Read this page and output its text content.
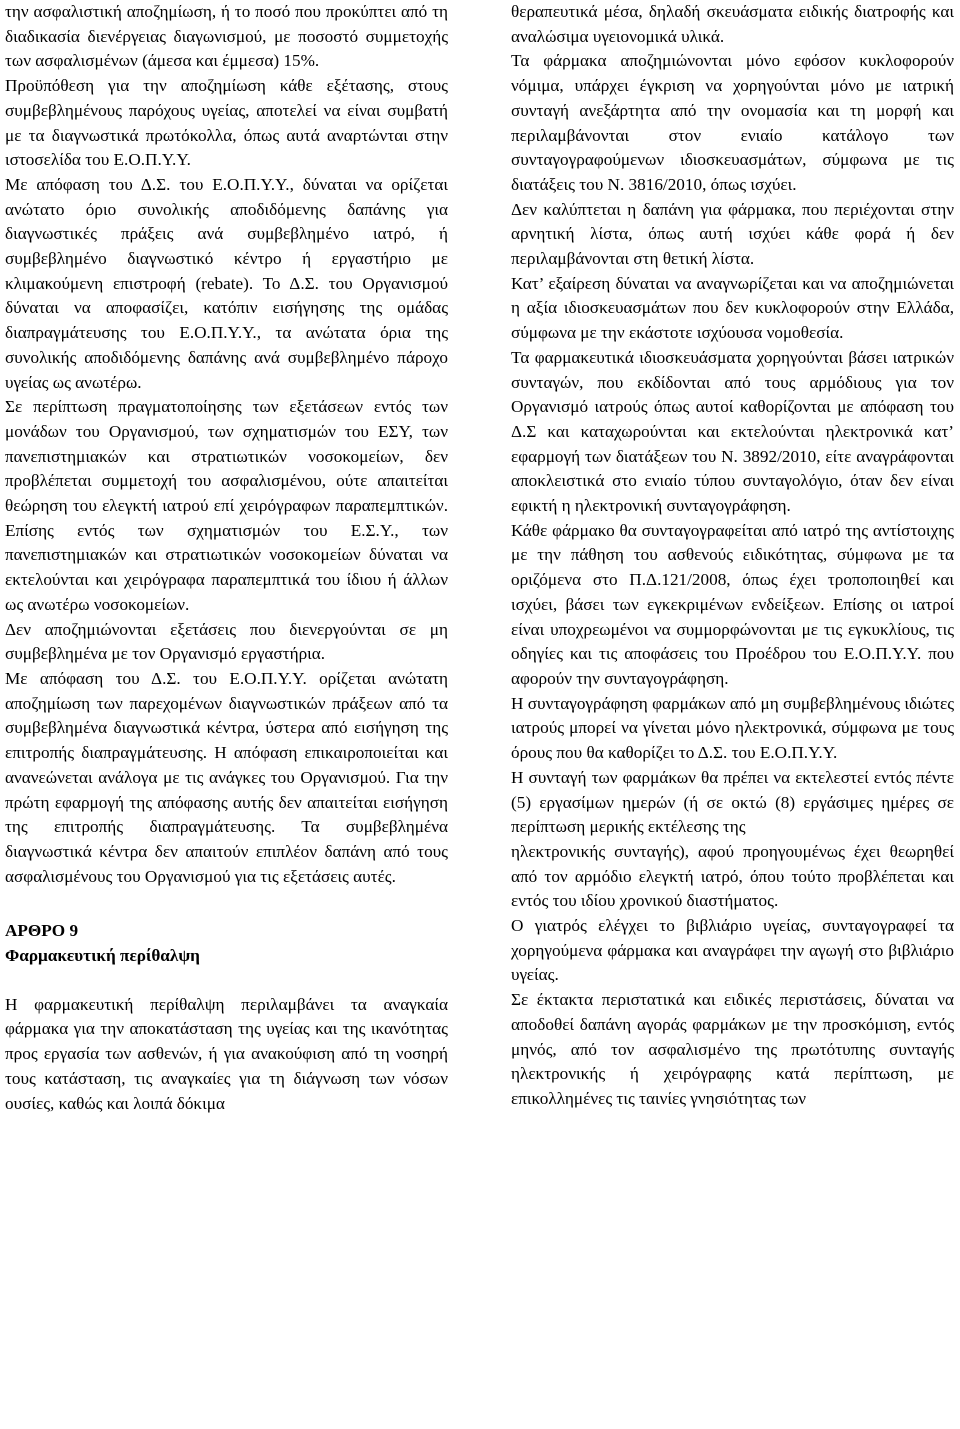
την ασφαλιστική αποζημίωση, ή το ποσό που προκύπτει από τη διαδικασία διενέργειας διαγωνισμού, με ποσοστό συμμετοχής των ασφαλισμένων (άμεσα και έμμεσα) 15%.

Προϋπόθεση για την αποζημίωση κάθε εξέτασης, στους συμβεβλημένους παρόχους υγείας, αποτελεί να είναι συμβατή με τα διαγνωστικά πρωτόκολλα, όπως αυτά αναρτώνται στην ιστοσελίδα του Ε.Ο.Π.Υ.Υ.

Με απόφαση του Δ.Σ. του Ε.Ο.Π.Υ.Υ., δύναται να ορίζεται ανώτατο όριο συνολικής αποδιδόμενης δαπάνης για διαγνωστικές πράξεις ανά συμβεβλημένο ιατρό, ή συμβεβλημένο διαγνωστικό κέντρο ή εργαστήριο με κλιμακούμενη επιστροφή (rebate). Το Δ.Σ. του Οργανισμού δύναται να αποφασίζει, κατόπιν εισήγησης της ομάδας διαπραγμάτευσης του Ε.Ο.Π.Υ.Υ., τα ανώτατα όρια της συνολικής αποδιδόμενης δαπάνης ανά συμβεβλημένο πάροχο υγείας ως ανωτέρω.

Σε περίπτωση πραγματοποίησης των εξετάσεων εντός των μονάδων του Οργανισμού, των σχηματισμών του ΕΣΥ, των πανεπιστημιακών και στρατιωτικών νοσοκομείων, δεν προβλέπεται συμμετοχή του ασφαλισμένου, ούτε απαιτείται θεώρηση του ελεγκτή ιατρού επί χειρόγραφων παραπεμπτικών. Επίσης εντός των σχηματισμών του Ε.Σ.Υ., των πανεπιστημιακών και στρατιωτικών νοσοκομείων δύναται να εκτελούνται και χειρόγραφα παραπεμπτικά του ίδιου ή άλλων ως ανωτέρω νοσοκομείων.

Δεν αποζημιώνονται εξετάσεις που διενεργούνται σε μη συμβεβλημένα με τον Οργανισμό εργαστήρια.

Με απόφαση του Δ.Σ. του Ε.Ο.Π.Υ.Υ. ορίζεται ανώτατη αποζημίωση των παρεχομένων διαγνωστικών πράξεων από τα συμβεβλημένα διαγνωστικά κέντρα, ύστερα από εισήγηση της επιτροπής διαπραγμάτευσης. Η απόφαση επικαιροποιείται και ανανεώνεται ανάλογα με τις ανάγκες του Οργανισμού. Για την πρώτη εφαρμογή της απόφασης αυτής δεν απαιτείται εισήγηση της επιτροπής διαπραγμάτευσης. Τα συμβεβλημένα διαγνωστικά κέντρα δεν απαιτούν επιπλέον δαπάνη από τους ασφαλισμένους του Οργανισμού για τις εξετάσεις αυτές.

ΑΡΘΡΟ 9

Φαρμακευτική περίθαλψη

Η φαρμακευτική περίθαλψη περιλαμβάνει τα αναγκαία φάρμακα για την αποκατάσταση της υγείας και της ικανότητας προς εργασία των ασθενών, ή για ανακούφιση από τη νοσηρή τους κατάσταση, τις αναγκαίες για τη διάγνωση των νόσων ουσίες, καθώς και λοιπά δόκιμα

θεραπευτικά μέσα, δηλαδή σκευάσματα ειδικής διατροφής και αναλώσιμα υγειονομικά υλικά.

Τα φάρμακα αποζημιώνονται μόνο εφόσον κυκλοφορούν νόμιμα, υπάρχει έγκριση να χορηγούνται μόνο με ιατρική συνταγή ανεξάρτητα από την ονομασία και τη μορφή και περιλαμβάνονται στον ενιαίο κατάλογο των συνταγογραφούμενων ιδιοσκευασμάτων, σύμφωνα με τις διατάξεις του Ν. 3816/2010, όπως ισχύει.

Δεν καλύπτεται η δαπάνη για φάρμακα, που περιέχονται στην αρνητική λίστα, όπως αυτή ισχύει κάθε φορά ή δεν περιλαμβάνονται στη θετική λίστα.

Κατ’ εξαίρεση δύναται να αναγνωρίζεται και να αποζημιώνεται η αξία ιδιοσκευασμάτων που δεν κυκλοφορούν στην Ελλάδα, σύμφωνα με την εκάστοτε ισχύουσα νομοθεσία.

Τα φαρμακευτικά ιδιοσκευάσματα χορηγούνται βάσει ιατρικών συνταγών, που εκδίδονται από τους αρμόδιους για τον Οργανισμό ιατρούς όπως αυτοί καθορίζονται με απόφαση του Δ.Σ και καταχωρούνται και εκτελούνται ηλεκτρονικά κατ’ εφαρμογή των διατάξεων του Ν. 3892/2010, είτε αναγράφονται αποκλειστικά στο ενιαίο τύπου συνταγολόγιο, όταν δεν είναι εφικτή η ηλεκτρονική συνταγογράφηση.

Κάθε φάρμακο θα συνταγογραφείται από ιατρό της αντίστοιχης με την πάθηση του ασθενούς ειδικότητας, σύμφωνα με τα οριζόμενα στο Π.Δ.121/2008, όπως έχει τροποποιηθεί και ισχύει, βάσει των εγκεκριμένων ενδείξεων. Επίσης οι ιατροί είναι υποχρεωμένοι να συμμορφώνονται με τις εγκυκλίους, τις οδηγίες και τις αποφάσεις του Προέδρου του Ε.Ο.Π.Υ.Υ. που αφορούν την συνταγογράφηση.

Η συνταγογράφηση φαρμάκων από μη συμβεβλημένους ιδιώτες ιατρούς μπορεί να γίνεται μόνο ηλεκτρονικά, σύμφωνα με τους όρους που θα καθορίζει το Δ.Σ. του Ε.Ο.Π.Υ.Υ.

Η συνταγή των φαρμάκων θα πρέπει να εκτελεστεί εντός πέντε (5) εργασίμων ημερών (ή σε οκτώ (8) εργάσιμες ημέρες σε περίπτωση μερικής εκτέλεσης της

ηλεκτρονικής συνταγής), αφού προηγουμένως έχει θεωρηθεί από τον αρμόδιο ελεγκτή ιατρό, όπου τούτο προβλέπεται και εντός του ιδίου χρονικού διαστήματος.

Ο γιατρός ελέγχει το βιβλιάριο υγείας, συνταγογραφεί τα χορηγούμενα φάρμακα και αναγράφει την αγωγή στο βιβλιάριο υγείας.

Σε έκτακτα περιστατικά και ειδικές περιστάσεις, δύναται να αποδοθεί δαπάνη αγοράς φαρμάκων με την προσκόμιση, εντός μηνός, από τον ασφαλισμένο της πρωτότυπης συνταγής ηλεκτρονικής ή χειρόγραφης κατά περίπτωση, με επικολλημένες τις ταινίες γνησιότητας των
